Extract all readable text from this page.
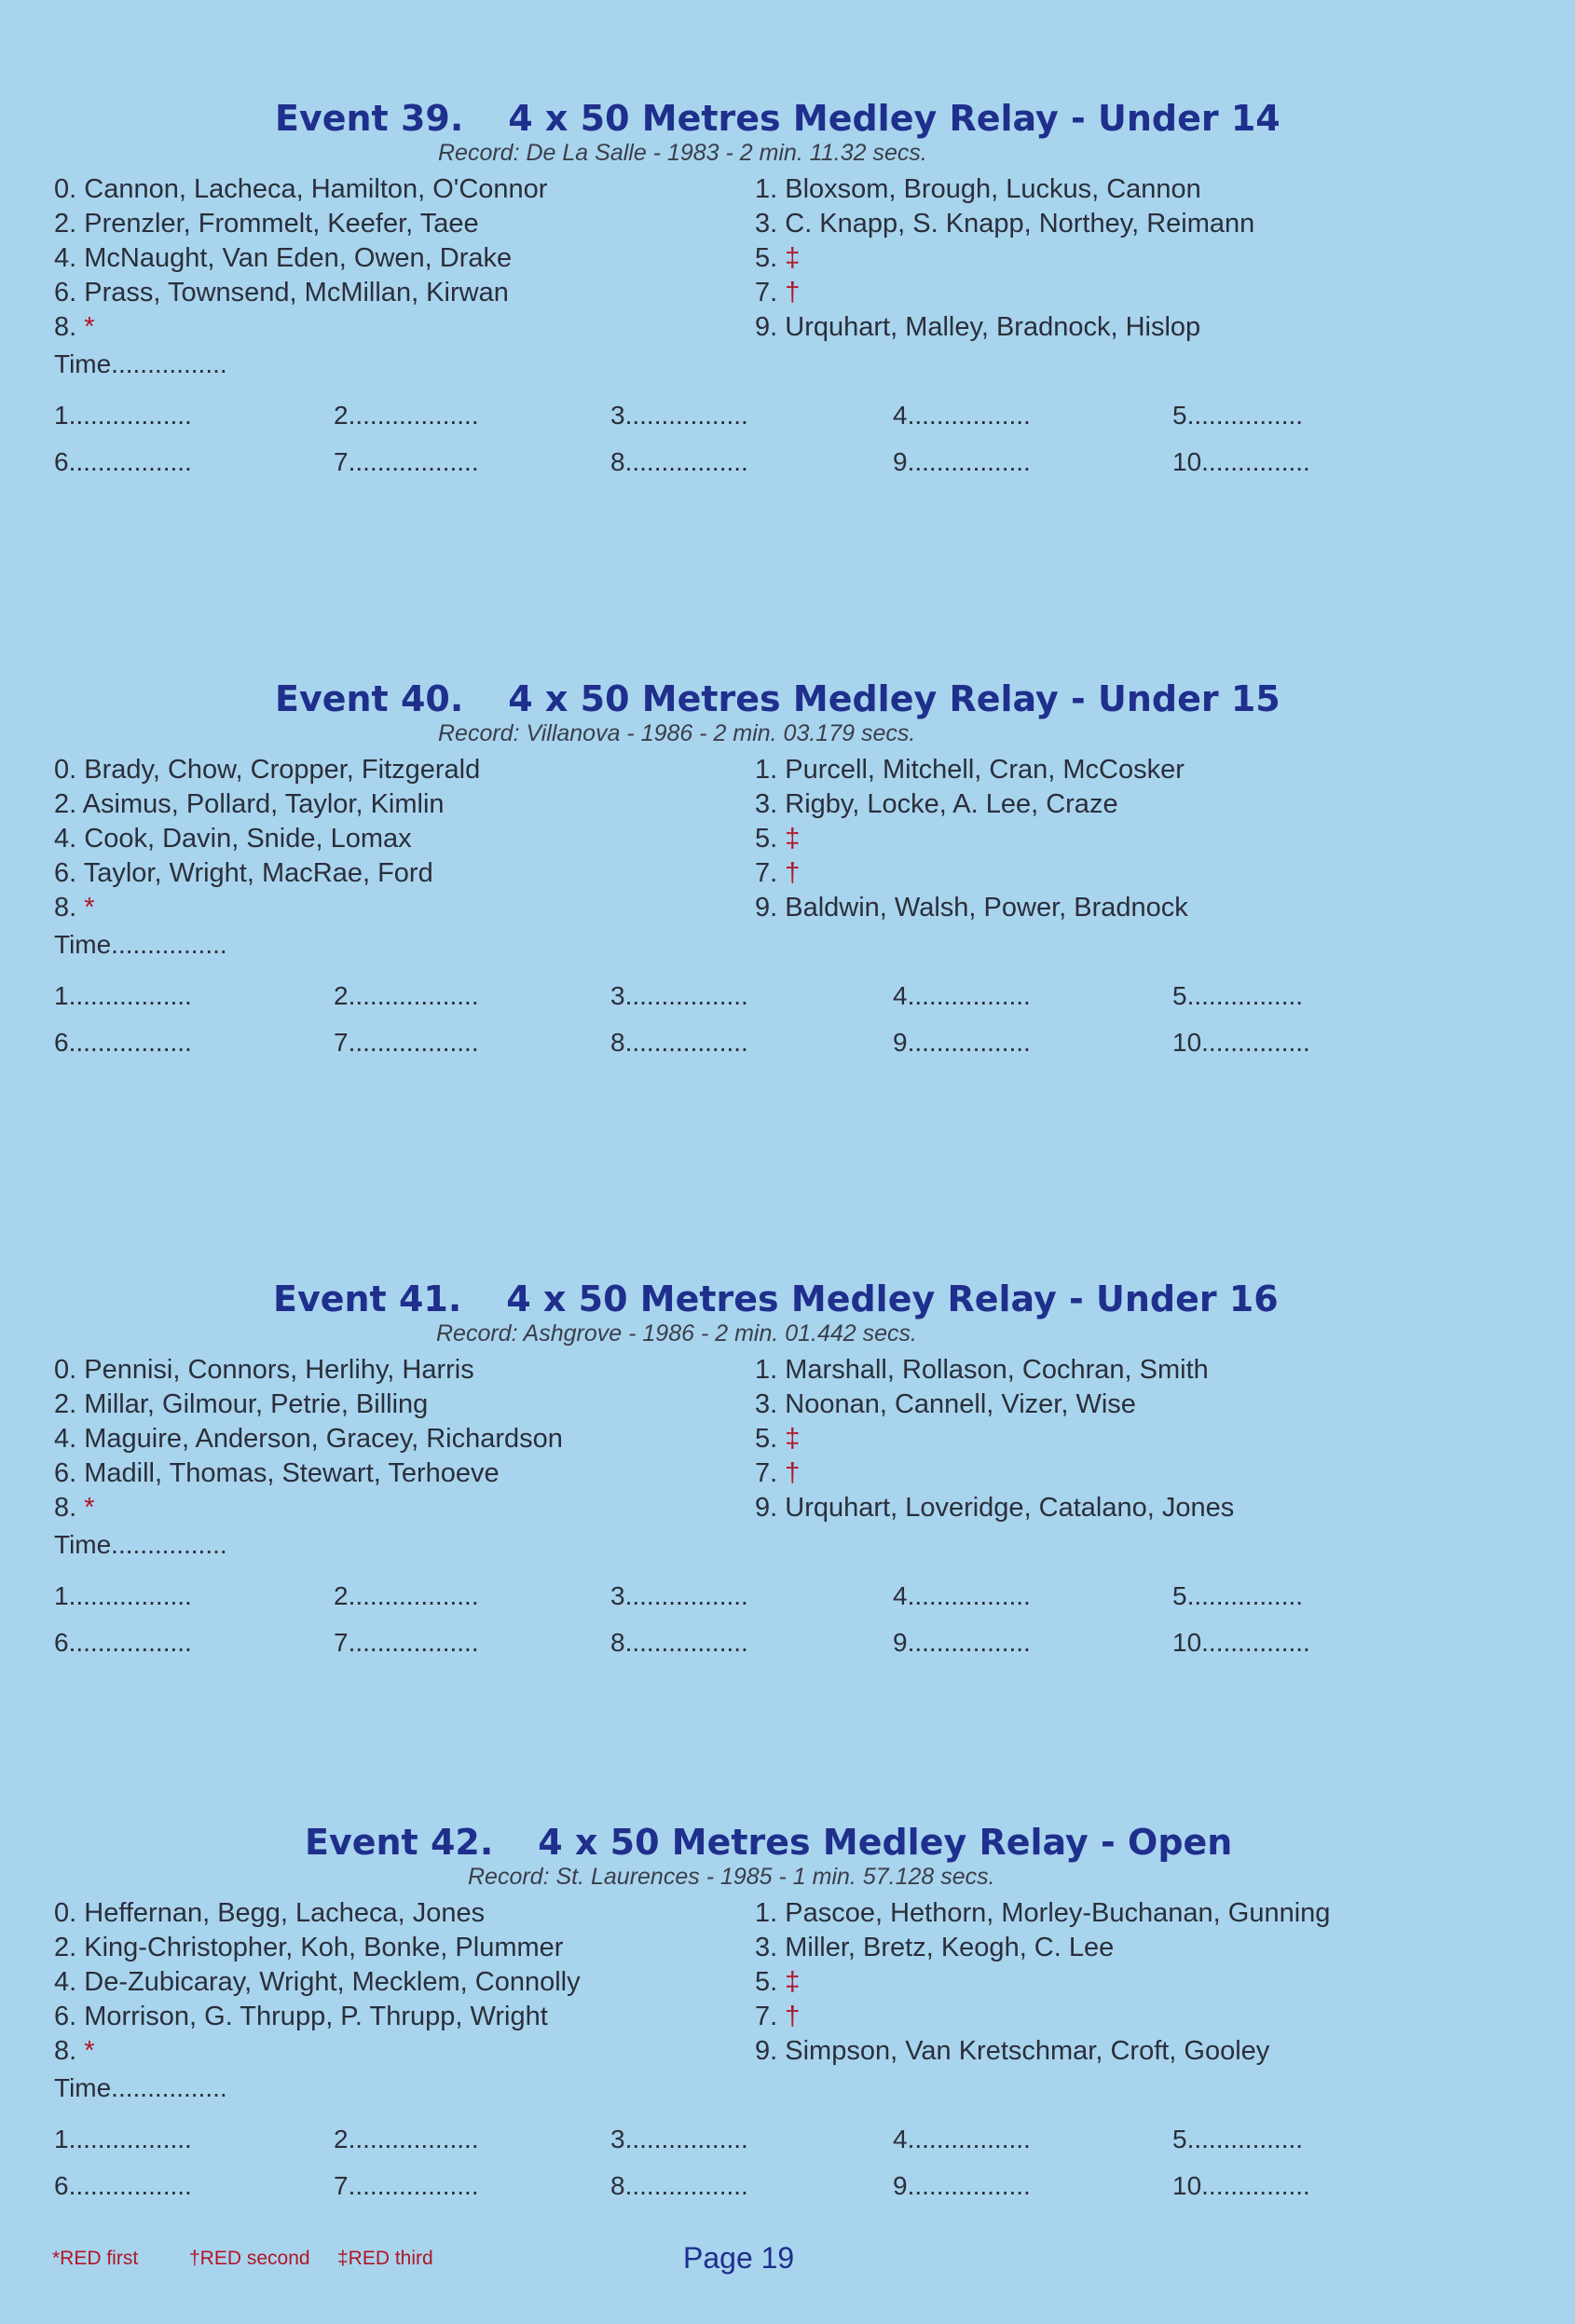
Event 39. 4 x 50 Metres Medley Relay - Under 14
Record: De La Salle - 1983 - 2 min. 11.32 secs.
0. Cannon, Lacheca, Hamilton, O'Connor	1. Bloxsom, Brough, Luckus, Cannon
2. Prenzler, Frommelt, Keefer, Taee	3. C. Knapp, S. Knapp, Northey, Reimann
4. McNaught, Van Eden, Owen, Drake	5. ‡
6. Prass, Townsend, McMillan, Kirwan	7. †
8. *	9. Urquhart, Malley, Bradnock, Hislop
Time................
1.................	2..................	3.................	4.................	5................
6.................	7..................	8.................	9.................	10...............
Event 40. 4 x 50 Metres Medley Relay - Under 15
Record: Villanova - 1986 - 2 min. 03.179 secs.
0. Brady, Chow, Cropper, Fitzgerald	1. Purcell, Mitchell, Cran, McCosker
2. Asimus, Pollard, Taylor, Kimlin	3. Rigby, Locke, A. Lee, Craze
4. Cook, Davin, Snide, Lomax	5. ‡
6. Taylor, Wright, MacRae, Ford	7. †
8. *	9. Baldwin, Walsh, Power, Bradnock
Time................
1.................	2..................	3.................	4.................	5................
6.................	7..................	8.................	9.................	10...............
Event 41. 4 x 50 Metres Medley Relay - Under 16
Record: Ashgrove - 1986 - 2 min. 01.442 secs.
0. Pennisi, Connors, Herlihy, Harris	1. Marshall, Rollason, Cochran, Smith
2. Millar, Gilmour, Petrie, Billing	3. Noonan, Cannell, Vizer, Wise
4. Maguire, Anderson, Gracey, Richardson	5. ‡
6. Madill, Thomas, Stewart, Terhoeve	7. †
8. *	9. Urquhart, Loveridge, Catalano, Jones
Time................
1.................	2..................	3.................	4.................	5................
6.................	7..................	8.................	9.................	10...............
Event 42. 4 x 50 Metres Medley Relay - Open
Record: St. Laurences - 1985 - 1 min. 57.128 secs.
0. Heffernan, Begg, Lacheca, Jones	1. Pascoe, Hethorn, Morley-Buchanan, Gunning
2. King-Christopher, Koh, Bonke, Plummer	3. Miller, Bretz, Keogh, C. Lee
4. De-Zubicaray, Wright, Mecklem, Connolly	5. ‡
6. Morrison, G. Thrupp, P. Thrupp, Wright	7. †
8. *	9. Simpson, Van Kretschmar, Croft, Gooley
Time................
1.................	2..................	3.................	4.................	5................
6.................	7..................	8.................	9.................	10...............
*RED first	†RED second ‡RED third	Page 19
